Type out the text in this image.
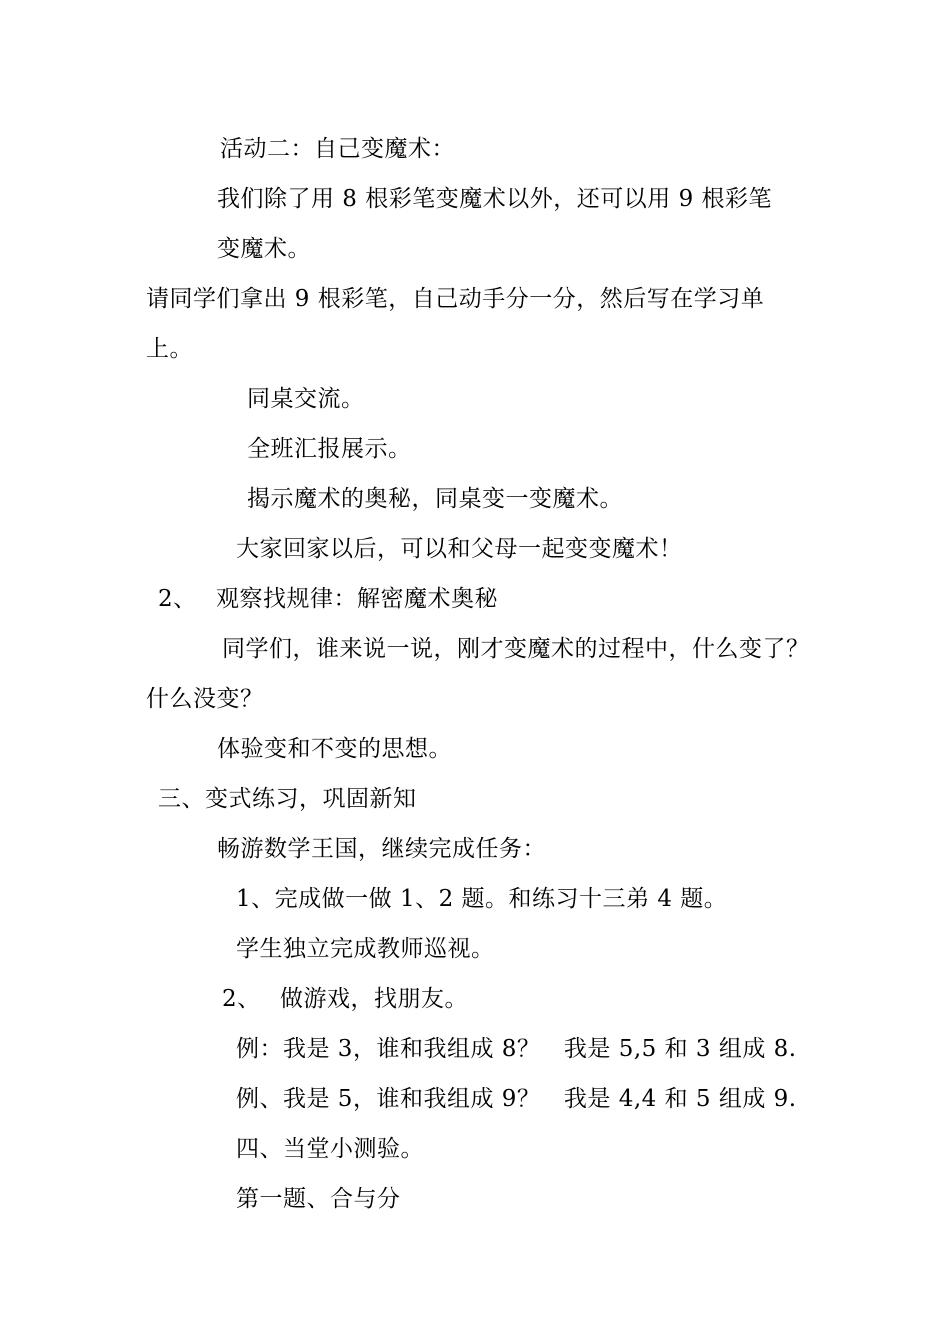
活动二：自己变魔术：
我们除了用 8 根彩笔变魔术以外，还可以用 9 根彩笔
变魔术。
请同学们拿出 9 根彩笔，自己动手分一分，然后写在学习单
上。
同桌交流。
全班汇报展示。
揭示魔术的奥秘，同桌变一变魔术。
大家回家以后，可以和父母一起变变魔术！
2、 观察找规律：解密魔术奥秘
同学们，谁来说一说，刚才变魔术的过程中，什么变了？
什么没变？
体验变和不变的思想。
三、变式练习，巩固新知
畅游数学王国，继续完成任务：
1、完成做一做 1、2 题。和练习十三弟 4 题。
学生独立完成教师巡视。
2、 做游戏，找朋友。
例：我是 3，谁和我组成 8？　我是 5,5 和 3 组成 8.
例、我是 5，谁和我组成 9？　我是 4,4 和 5 组成 9.
四、当堂小测验。
第一题、合与分
